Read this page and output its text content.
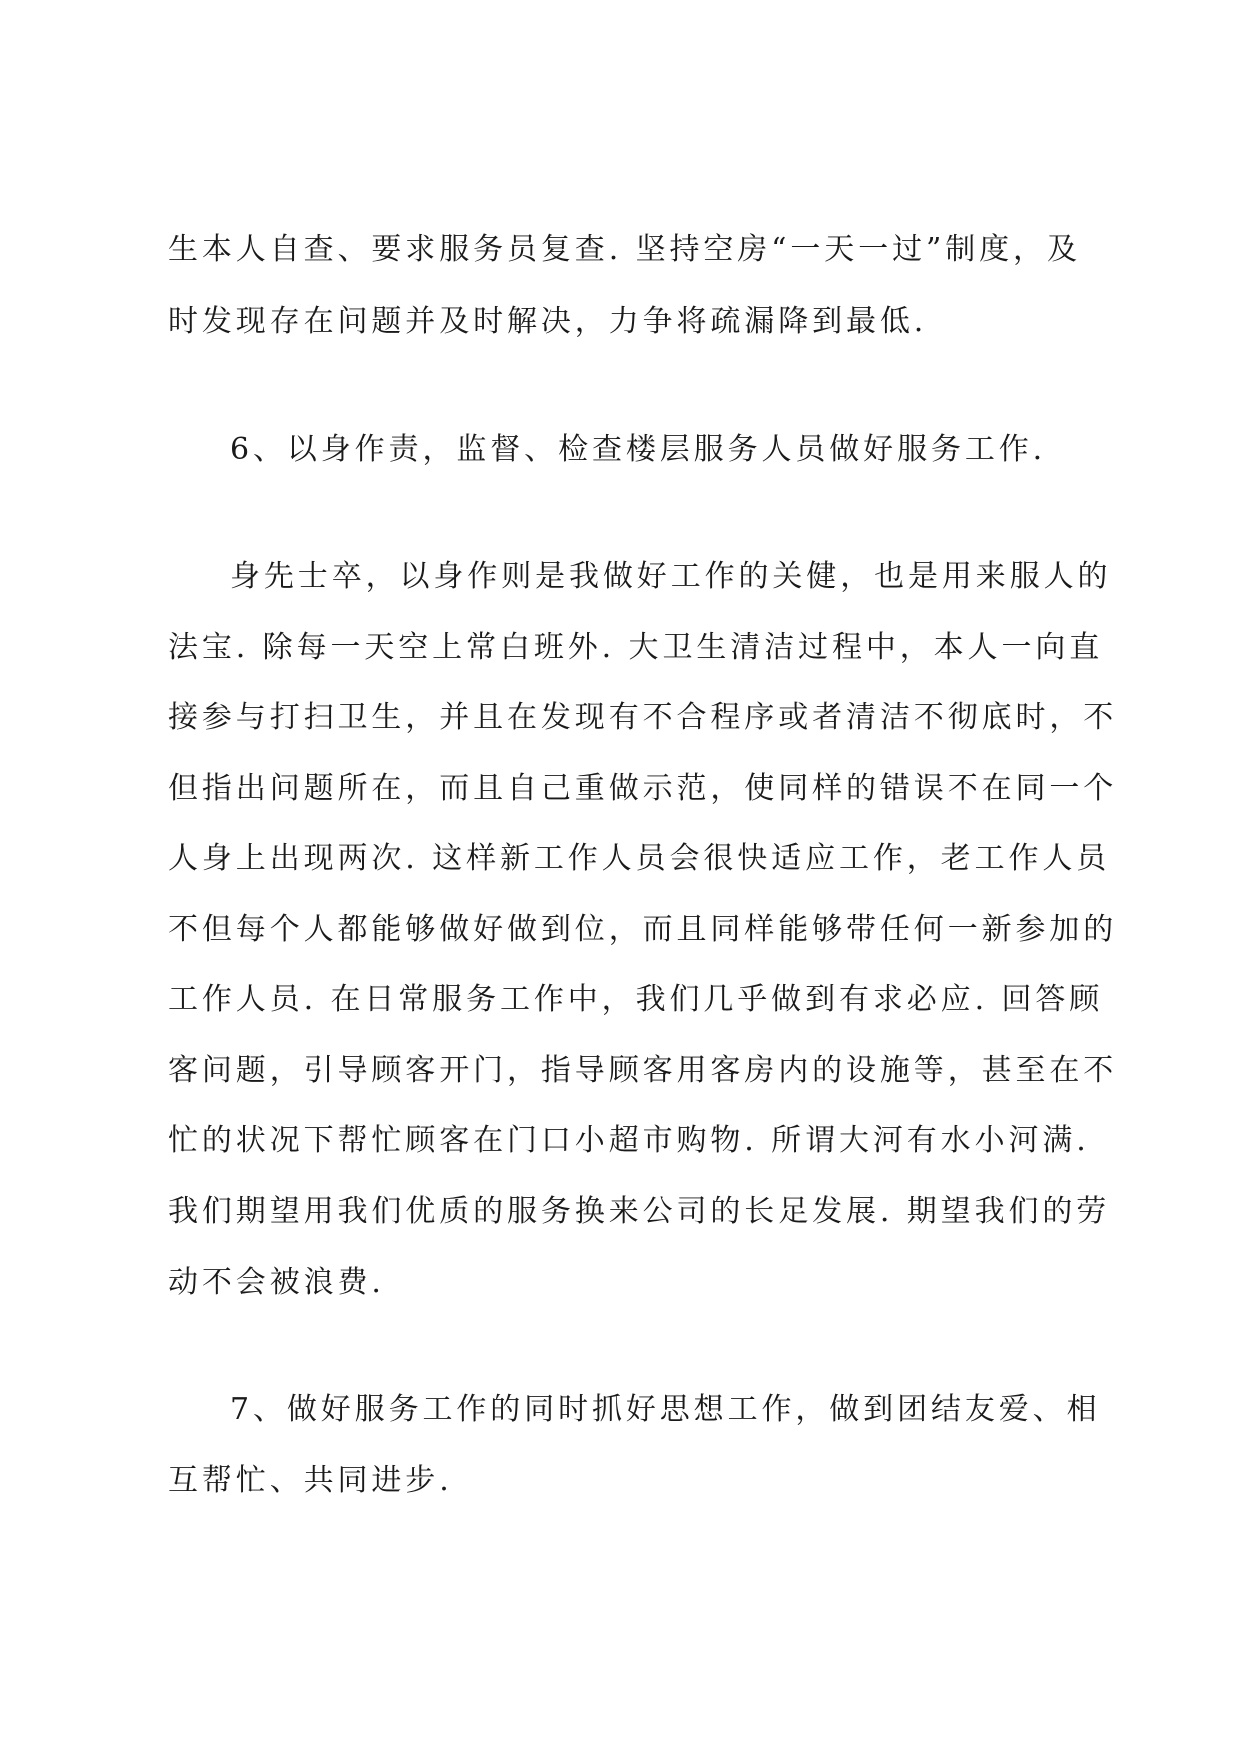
生本人自查、要求服务员复查. 坚持空房“一天一过”制度，及
时发现存在问题并及时解决，力争将疏漏降到最低.
6、以身作责，监督、检查楼层服务人员做好服务工作.
身先士卒，以身作则是我做好工作的关健，也是用来服人的
法宝. 除每一天空上常白班外. 大卫生清洁过程中，本人一向直
接参与打扫卫生，并且在发现有不合程序或者清洁不彻底时，不
但指出问题所在，而且自己重做示范，使同样的错误不在同一个
人身上出现两次. 这样新工作人员会很快适应工作，老工作人员
不但每个人都能够做好做到位，而且同样能够带任何一新参加的
工作人员. 在日常服务工作中，我们几乎做到有求必应. 回答顾
客问题，引导顾客开门，指导顾客用客房内的设施等，甚至在不
忙的状况下帮忙顾客在门口小超市购物. 所谓大河有水小河满.
我们期望用我们优质的服务换来公司的长足发展. 期望我们的劳
动不会被浪费.
7、做好服务工作的同时抓好思想工作，做到团结友爱、相
互帮忙、共同进步.
